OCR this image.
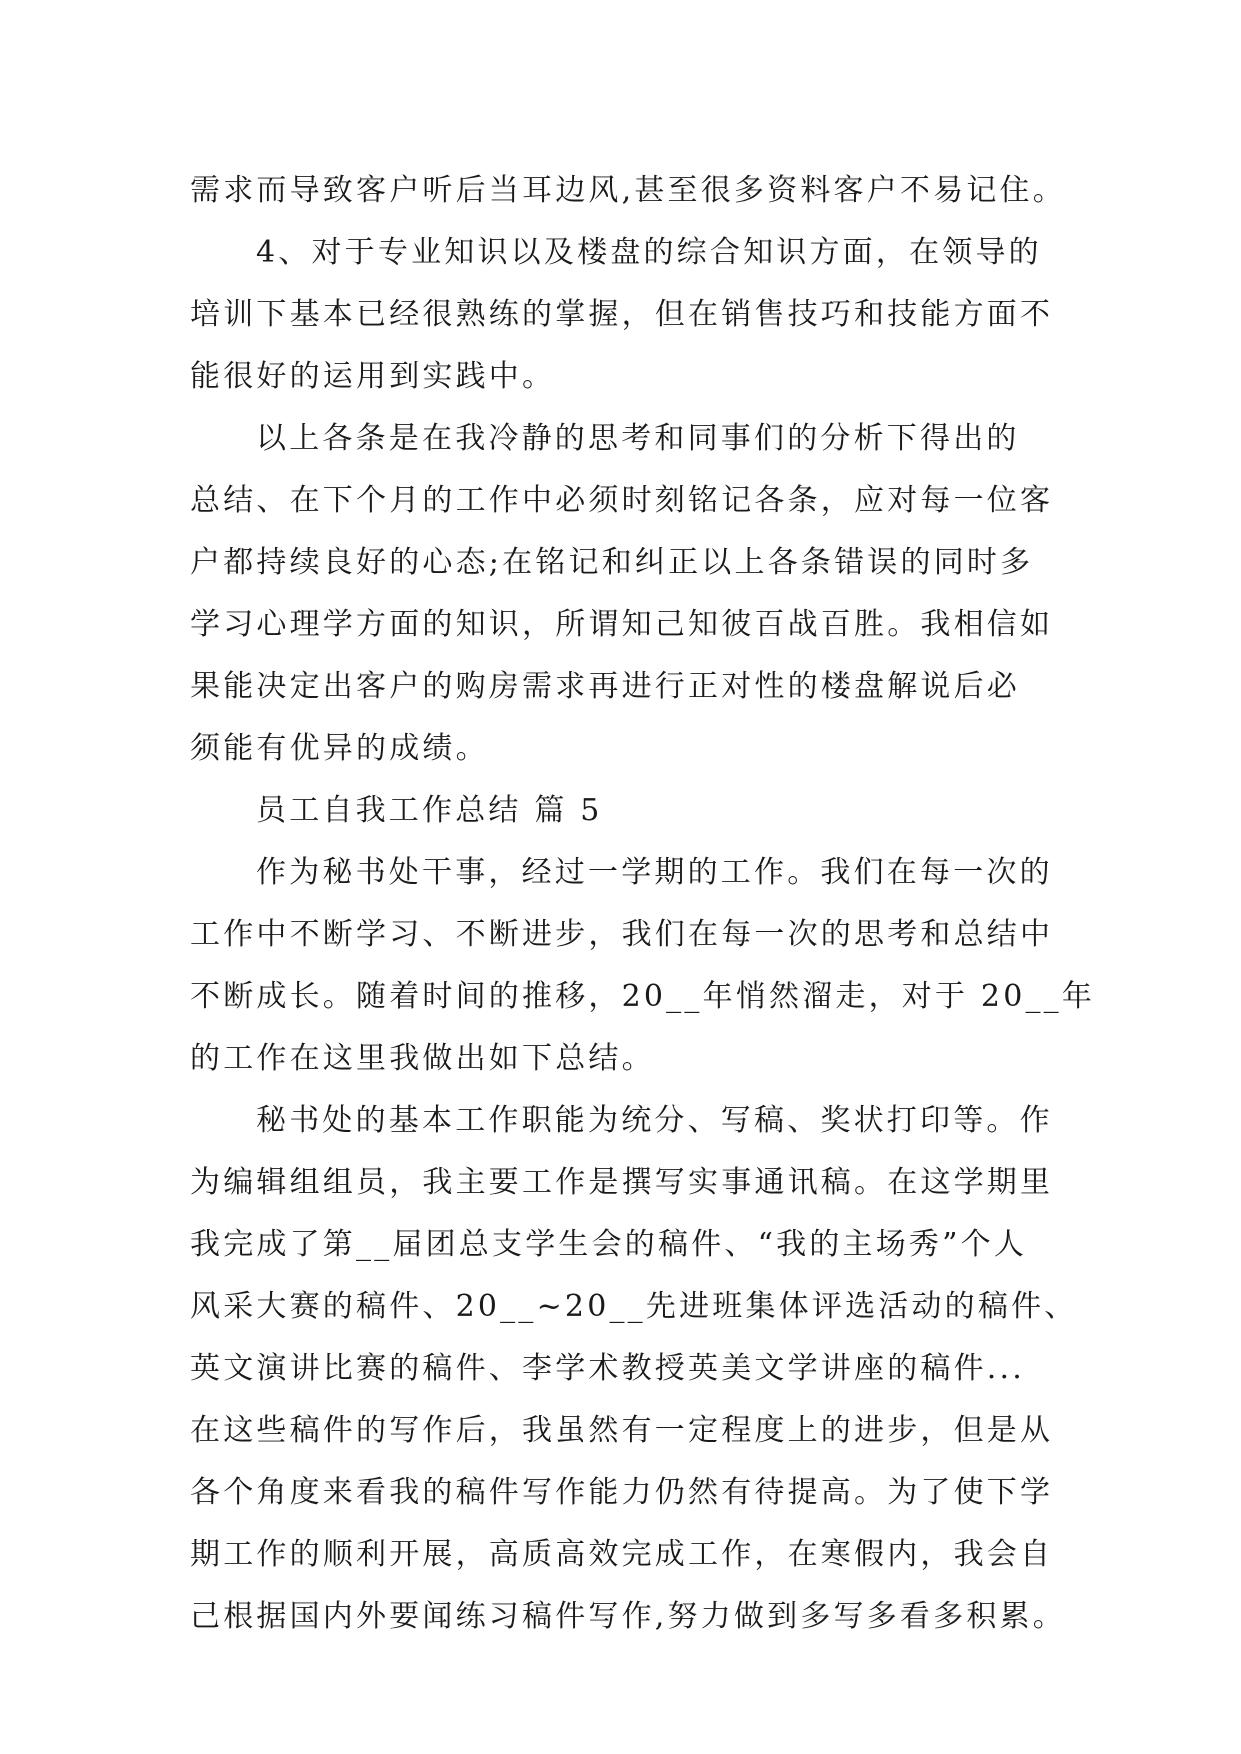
需求而导致客户听后当耳边风,甚至很多资料客户不易记住。
4、对于专业知识以及楼盘的综合知识方面，在领导的
培训下基本已经很熟练的掌握，但在销售技巧和技能方面不
能很好的运用到实践中。
以上各条是在我冷静的思考和同事们的分析下得出的
总结、在下个月的工作中必须时刻铭记各条，应对每一位客
户都持续良好的心态;在铭记和纠正以上各条错误的同时多
学习心理学方面的知识，所谓知己知彼百战百胜。我相信如
果能决定出客户的购房需求再进行正对性的楼盘解说后必
须能有优异的成绩。
员工自我工作总结 篇 5
作为秘书处干事，经过一学期的工作。我们在每一次的
工作中不断学习、不断进步，我们在每一次的思考和总结中
不断成长。随着时间的推移，20__年悄然溜走，对于 20__年
的工作在这里我做出如下总结。
秘书处的基本工作职能为统分、写稿、奖状打印等。作
为编辑组组员，我主要工作是撰写实事通讯稿。在这学期里
我完成了第__届团总支学生会的稿件、“我的主场秀”个人
风采大赛的稿件、20__~20__先进班集体评选活动的稿件、
英文演讲比赛的稿件、李学术教授英美文学讲座的稿件...
在这些稿件的写作后，我虽然有一定程度上的进步，但是从
各个角度来看我的稿件写作能力仍然有待提高。为了使下学
期工作的顺利开展，高质高效完成工作，在寒假内，我会自
己根据国内外要闻练习稿件写作,努力做到多写多看多积累。
